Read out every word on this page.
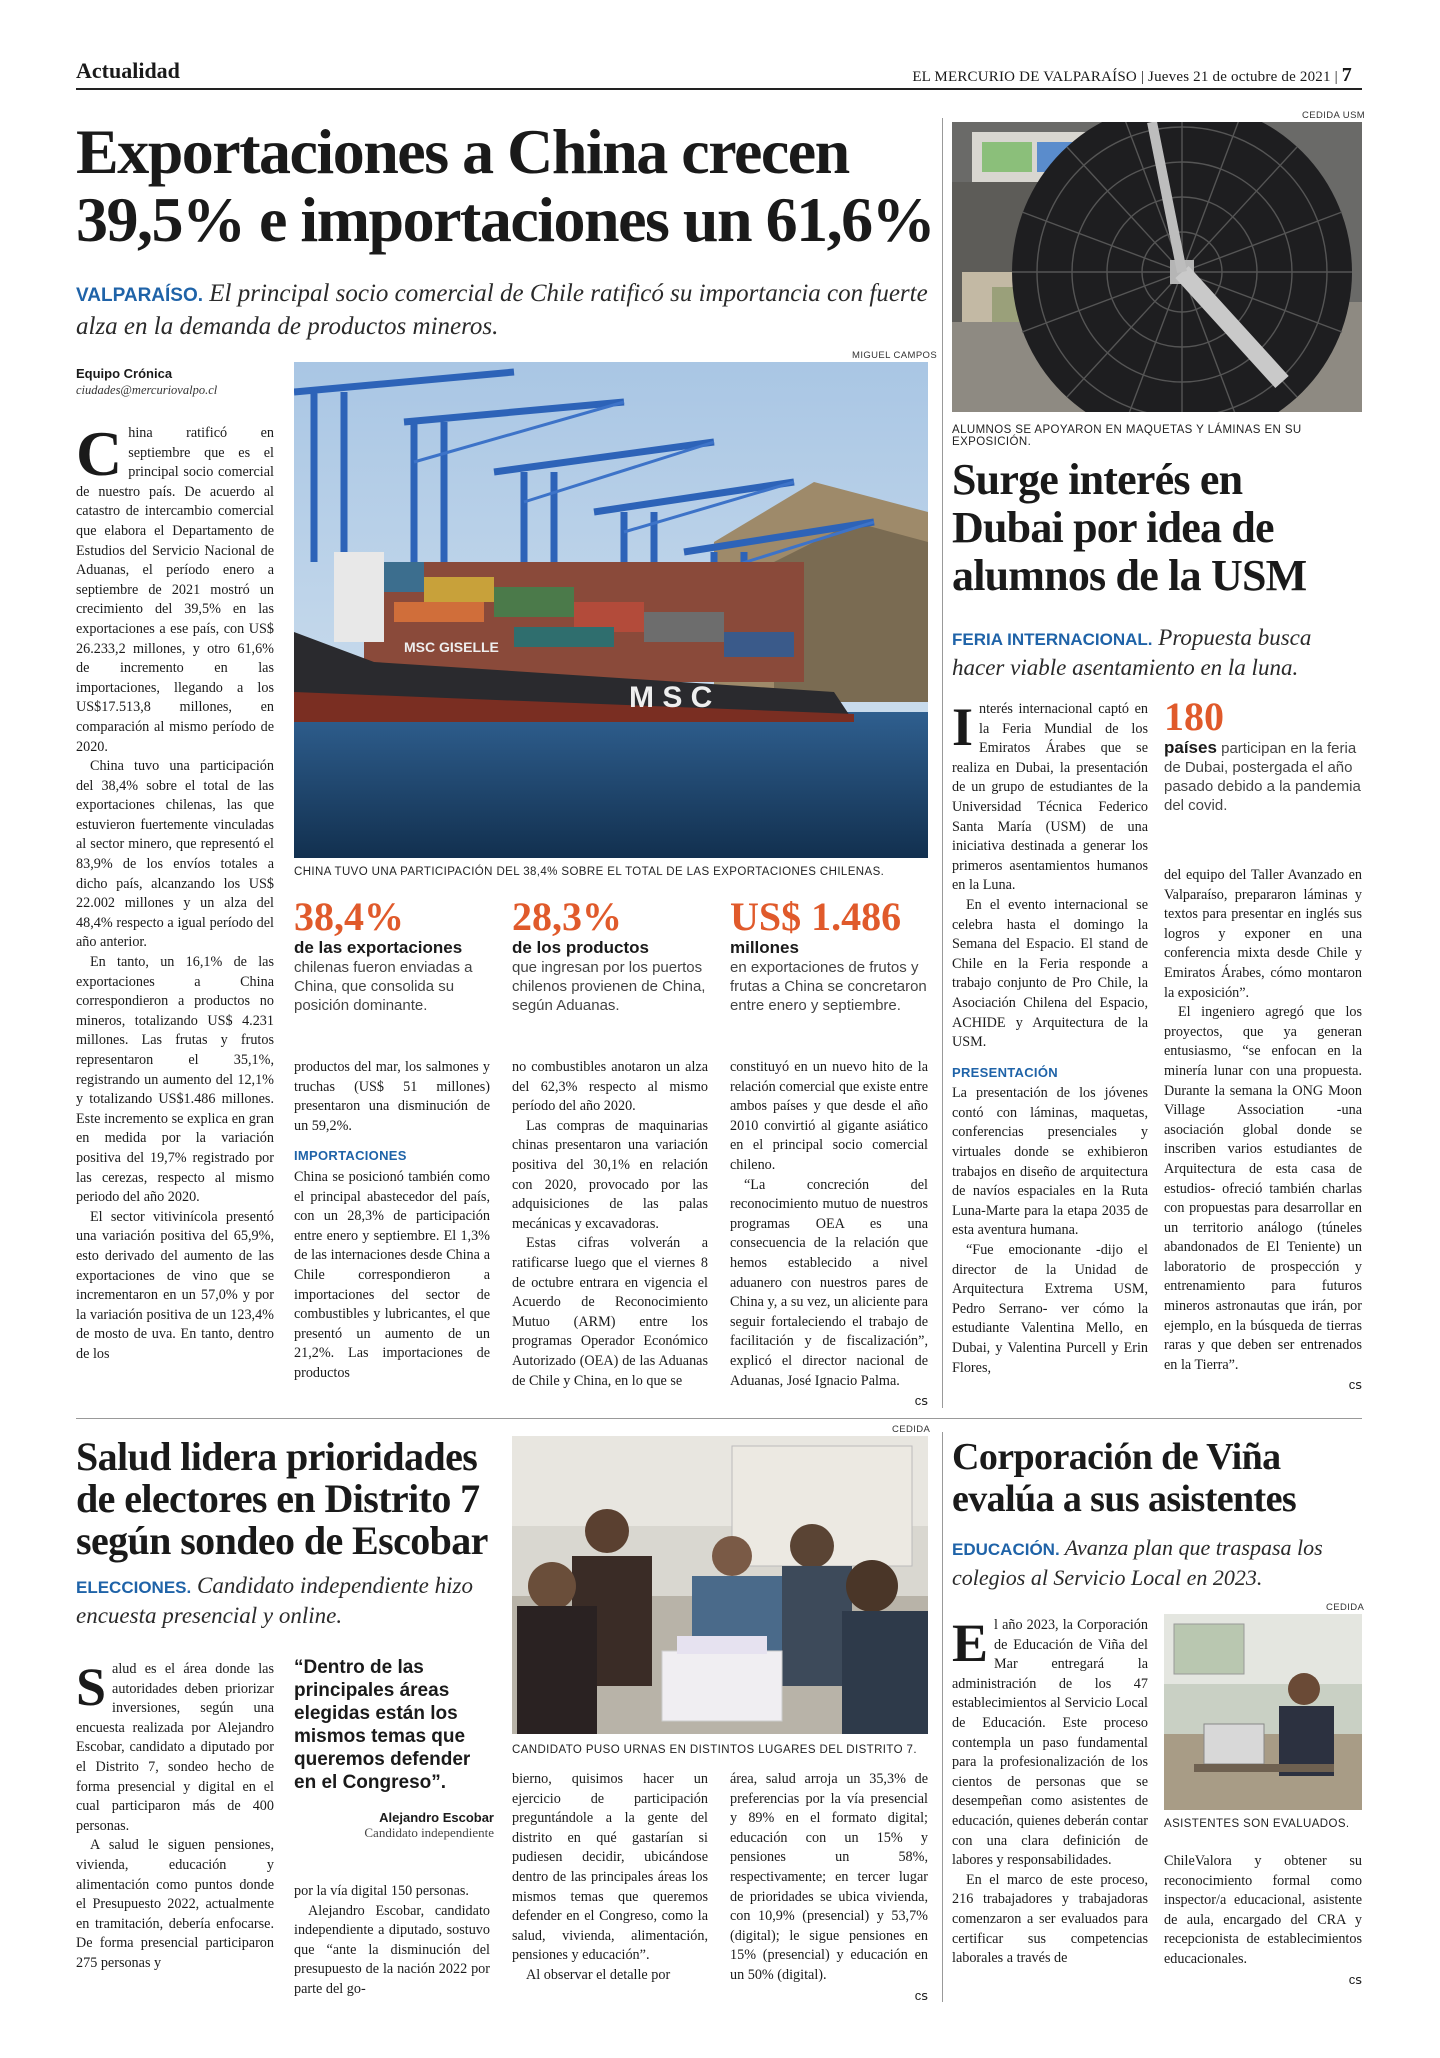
Actualidad	EL MERCURIO DE VALPARAÍSO | Jueves 21 de octubre de 2021 | 7
Exportaciones a China crecen
39,5% e importaciones un 61,6%
VALPARAÍSO. El principal socio comercial de Chile ratificó su importancia con fuerte alza en la demanda de productos mineros.
Equipo Crónica
ciudades@mercuriovalpo.cl
MIGUEL CAMPOS
MSC GISELLE
M S C
CHINA TUVO UNA PARTICIPACIÓN DEL 38,4% SOBRE EL TOTAL DE LAS EXPORTACIONES CHILENAS.
C hina ratificó en septiembre que es el principal socio comercial de nuestro país. De acuerdo al catastro de intercambio comercial que elabora el Departamento de Estudios del Servicio Nacional de Aduanas, el período enero a septiembre de 2021 mostró un crecimiento del 39,5% en las exportaciones a ese país, con US$ 26.233,2 millones, y otro 61,6% de incremento en las importaciones, llegando a los US$17.513,8 millones, en comparación al mismo período de 2020.

China tuvo una participación del 38,4% sobre el total de las exportaciones chilenas, las que estuvieron fuertemente vinculadas al sector minero, que representó el 83,9% de los envíos totales a dicho país, alcanzando los US$ 22.002 millones y un alza del 48,4% respecto a igual período del año anterior.

En tanto, un 16,1% de las exportaciones a China correspondieron a productos no mineros, totalizando US$ 4.231 millones. Las frutas y frutos representaron el 35,1%, registrando un aumento del 12,1% y totalizando US$1.486 millones. Este incremento se explica en gran en medida por la variación positiva del 19,7% registrado por las cerezas, respecto al mismo periodo del año 2020.

El sector vitivinícola presentó una variación positiva del 65,9%, esto derivado del aumento de las exportaciones de vino que se incrementaron en un 57,0% y por la variación positiva de un 123,4% de mosto de uva. En tanto, dentro de los

38,4%
de las exportaciones
chilenas fueron enviadas a China, que consolida su posición dominante.
28,3%
de los productos
que ingresan por los puertos chilenos provienen de China, según Aduanas.
US$ 1.486
millones
en exportaciones de frutos y frutas a China se concretaron entre enero y septiembre.

productos del mar, los salmones y truchas (US$ 51 millones) presentaron una disminución de un 59,2%.

IMPORTACIONES

China se posicionó también como el principal abastecedor del país, con un 28,3% de participación entre enero y septiembre. El 1,3% de las internaciones desde China a Chile correspondieron a importaciones del sector de combustibles y lubricantes, el que presentó un aumento de un 21,2%. Las importaciones de productos

no combustibles anotaron un alza del 62,3% respecto al mismo período del año 2020.

Las compras de maquinarias chinas presentaron una variación positiva del 30,1% en relación con 2020, provocado por las adquisiciones de las palas mecánicas y excavadoras.

Estas cifras volverán a ratificarse luego que el viernes 8 de octubre entrara en vigencia el Acuerdo de Reconocimiento Mutuo (ARM) entre los programas Operador Económico Autorizado (OEA) de las Aduanas de Chile y China, en lo que se

constituyó en un nuevo hito de la relación comercial que existe entre ambos países y que desde el año 2010 convirtió al gigante asiático en el principal socio comercial chileno.

“La concreción del reconocimiento mutuo de nuestros programas OEA es una consecuencia de la relación que hemos establecido a nivel aduanero con nuestros pares de China y, a su vez, un aliciente para seguir fortaleciendo el trabajo de facilitación y de fiscalización”, explicó el director nacional de Aduanas, José Ignacio Palma.

ᴄꜱ
CEDIDA USM
ALUMNOS SE APOYARON EN MAQUETAS Y LÁMINAS EN SU EXPOSICIÓN.
Surge interés en
Dubai por idea de
alumnos de la USM
FERIA INTERNACIONAL. Propuesta busca hacer viable asentamiento en la luna.
180
países participan en la feria de Dubai, postergada el año pasado debido a la pandemia del covid.
I nterés internacional captó en la Feria Mundial de los Emiratos Árabes que se realiza en Dubai, la presentación de un grupo de estudiantes de la Universidad Técnica Federico Santa María (USM) de una iniciativa destinada a generar los primeros asentamientos humanos en la Luna.

En el evento internacional se celebra hasta el domingo la Semana del Espacio. El stand de Chile en la Feria responde a trabajo conjunto de Pro Chile, la Asociación Chilena del Espacio, ACHIDE y Arquitectura de la USM.

PRESENTACIÓN

La presentación de los jóvenes contó con láminas, maquetas, conferencias presenciales y virtuales donde se exhibieron trabajos en diseño de arquitectura de navíos espaciales en la Ruta Luna-Marte para la etapa 2035 de esta aventura humana.

“Fue emocionante -dijo el director de la Unidad de Arquitectura Extrema USM, Pedro Serrano- ver cómo la estudiante Valentina Mello, en Dubai, y Valentina Purcell y Erin Flores,

del equipo del Taller Avanzado en Valparaíso, prepararon láminas y textos para presentar en inglés sus logros y exponer en una conferencia mixta desde Chile y Emiratos Árabes, cómo montaron la exposición”.

El ingeniero agregó que los proyectos, que ya generan entusiasmo, “se enfocan en la minería lunar con una propuesta. Durante la semana la ONG Moon Village Association -una asociación global donde se inscriben varios estudiantes de Arquitectura de esta casa de estudios- ofreció también charlas con propuestas para desarrollar en un territorio análogo (túneles abandonados de El Teniente) un laboratorio de prospección y entrenamiento para futuros mineros astronautas que irán, por ejemplo, en la búsqueda de tierras raras y que deben ser entrenados en la Tierra”.

ᴄꜱ
Salud lidera prioridades
de electores en Distrito 7
según sondeo de Escobar
ELECCIONES. Candidato independiente hizo encuesta presencial y online.
CEDIDA
CANDIDATO PUSO URNAS EN DISTINTOS LUGARES DEL DISTRITO 7.
S alud es el área donde las autoridades deben priorizar inversiones, según una encuesta realizada por Alejandro Escobar, candidato a diputado por el Distrito 7, sondeo hecho de forma presencial y digital en el cual participaron más de 400 personas.

A salud le siguen pensiones, vivienda, educación y alimentación como puntos donde el Presupuesto 2022, actualmente en tramitación, debería enfocarse. De forma presencial participaron 275 personas y

“Dentro de las principales áreas elegidas están los mismos temas que queremos defender en el Congreso”.
Alejandro Escobar
Candidato independiente

por la vía digital 150 personas.

Alejandro Escobar, candidato independiente a diputado, sostuvo que “ante la disminución del presupuesto de la nación 2022 por parte del go-

bierno, quisimos hacer un ejercicio de participación preguntándole a la gente del distrito en qué gastarían si pudiesen decidir, ubicándose dentro de las principales áreas los mismos temas que queremos defender en el Congreso, como la salud, vivienda, alimentación, pensiones y educación”.

Al observar el detalle por

área, salud arroja un 35,3% de preferencias por la vía presencial y 89% en el formato digital; educación con un 15% y pensiones un 58%, respectivamente; en tercer lugar de prioridades se ubica vivienda, con 10,9% (presencial) y 53,7% (digital); le sigue pensiones en 15% (presencial) y educación en un 50% (digital).

ᴄꜱ
Corporación de Viña
evalúa a sus asistentes
EDUCACIÓN. Avanza plan que traspasa los colegios al Servicio Local en 2023.
E l año 2023, la Corporación de Educación de Viña del Mar entregará la administración de los 47 establecimientos al Servicio Local de Educación. Este proceso contempla un paso fundamental para la profesionalización de los cientos de personas que se desempeñan como asistentes de educación, quienes deberán contar con una clara definición de labores y responsabilidades.

En el marco de este proceso, 216 trabajadores y trabajadoras comenzaron a ser evaluados para certificar sus competencias laborales a través de

CEDIDA
ASISTENTES SON EVALUADOS.

ChileValora y obtener su reconocimiento formal como inspector/a educacional, asistente de aula, encargado del CRA y recepcionista de establecimientos educacionales.

ᴄꜱ
